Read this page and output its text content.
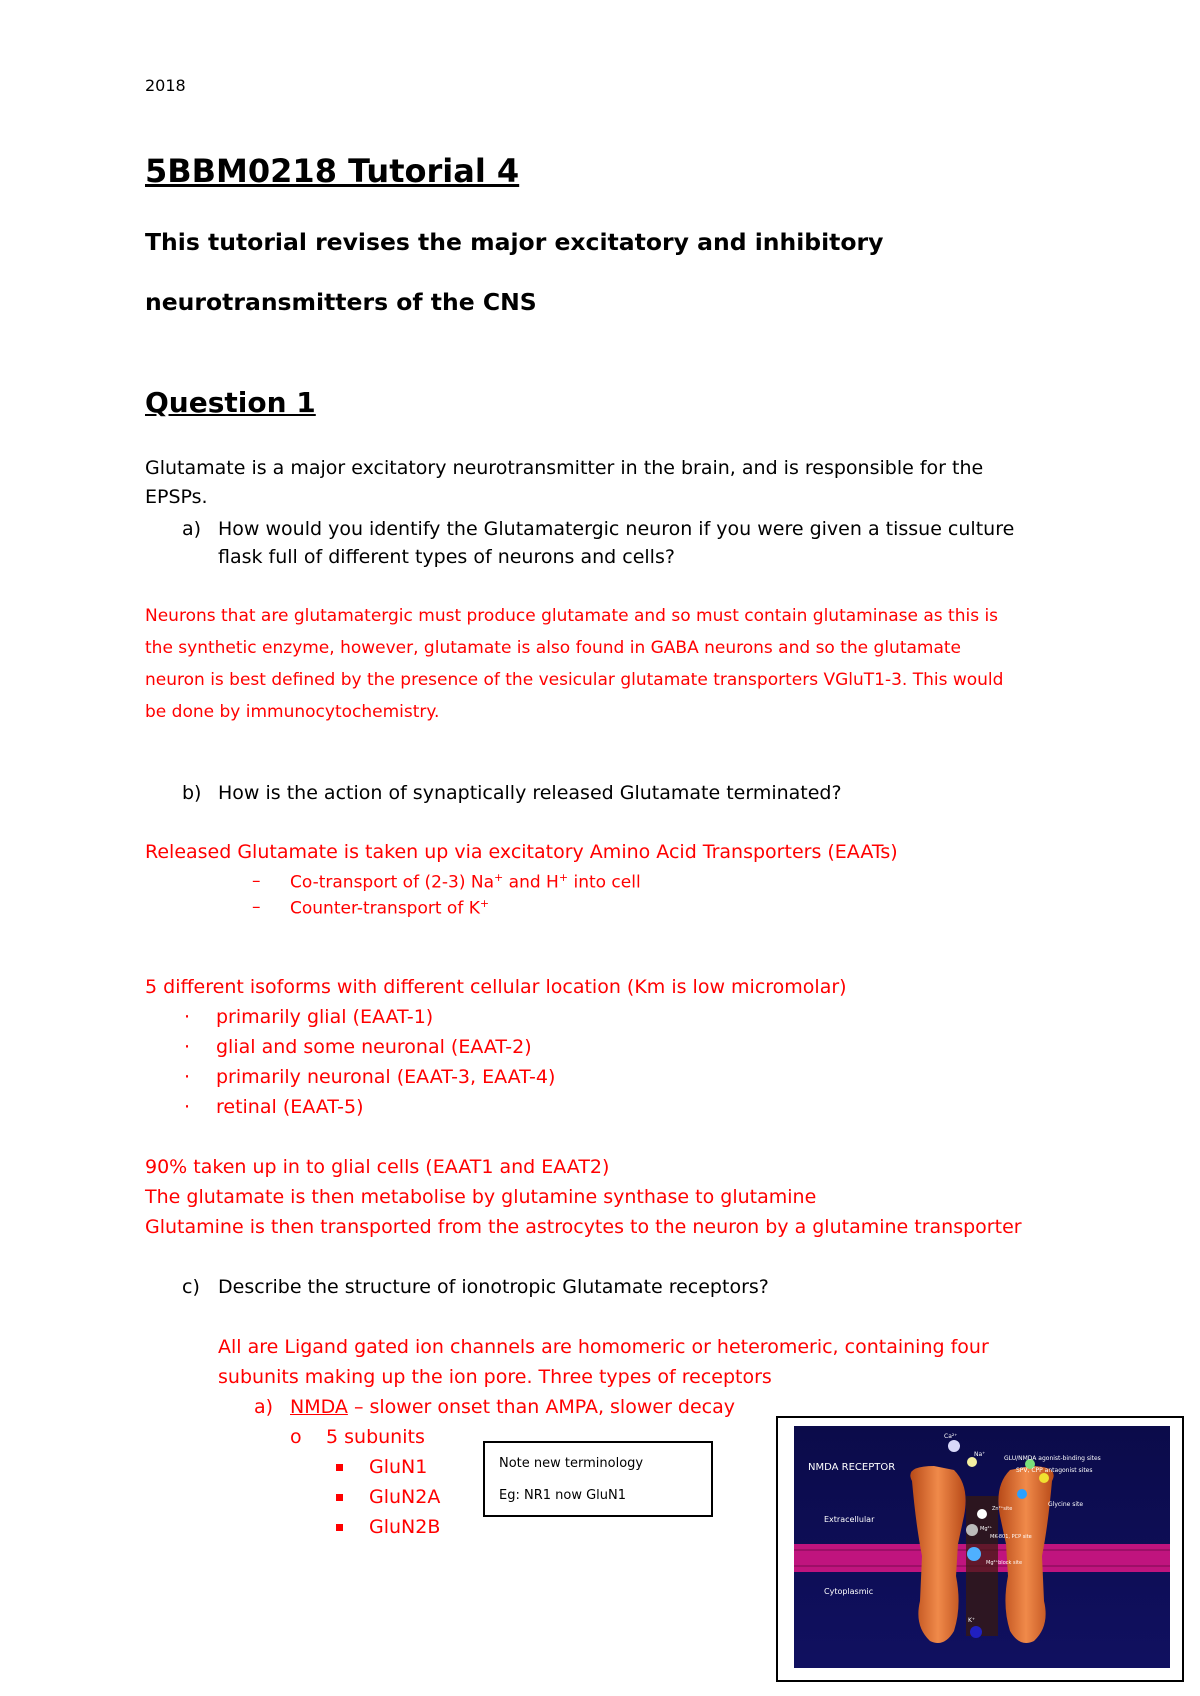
2018
5BBM0218 Tutorial 4
This tutorial revises the major excitatory and inhibitory
neurotransmitters of the CNS
Question 1
Glutamate is a major excitatory neurotransmitter in the brain, and is responsible for the
EPSPs.
a) How would you identify the Glutamatergic neuron if you were given a tissue culture
flask full of different types of neurons and cells?
Neurons that are glutamatergic must produce glutamate and so must contain glutaminase as this is
the synthetic enzyme, however, glutamate is also found in GABA neurons and so the glutamate
neuron is best defined by the presence of the vesicular glutamate transporters VGluT1-3. This would
be done by immunocytochemistry.
b) How is the action of synaptically released Glutamate terminated?
Released Glutamate is taken up via excitatory Amino Acid Transporters (EAATs)
– Co-transport of (2-3) Na+ and H+ into cell
– Counter-transport of K+
5 different isoforms with different cellular location (Km is low micromolar)
· primarily glial (EAAT-1)
· glial and some neuronal (EAAT-2)
· primarily neuronal (EAAT-3, EAAT-4)
· retinal (EAAT-5)
90% taken up in to glial cells (EAAT1 and EAAT2)
The glutamate is then metabolise by glutamine synthase to glutamine
Glutamine is then transported from the astrocytes to the neuron by a glutamine transporter
c) Describe the structure of ionotropic Glutamate receptors?
All are Ligand gated ion channels are homomeric or heteromeric, containing four
subunits making up the ion pore. Three types of receptors
a) NMDA – slower onset than AMPA, slower decay
o 5 subunits
GluN1
GluN2A
GluN2B
Note new terminology
Eg: NR1 now GluN1
NMDA RECEPTOR
Extracellular
Cytoplasmic
GLU/NMDA agonist-binding sites
SPV, CPP antagonist sites
Glycine site
Ca²⁺
Na⁺
Zn²⁺site
Mg²⁺
MK-801, PCP site
Mg²⁺block site
K⁺
